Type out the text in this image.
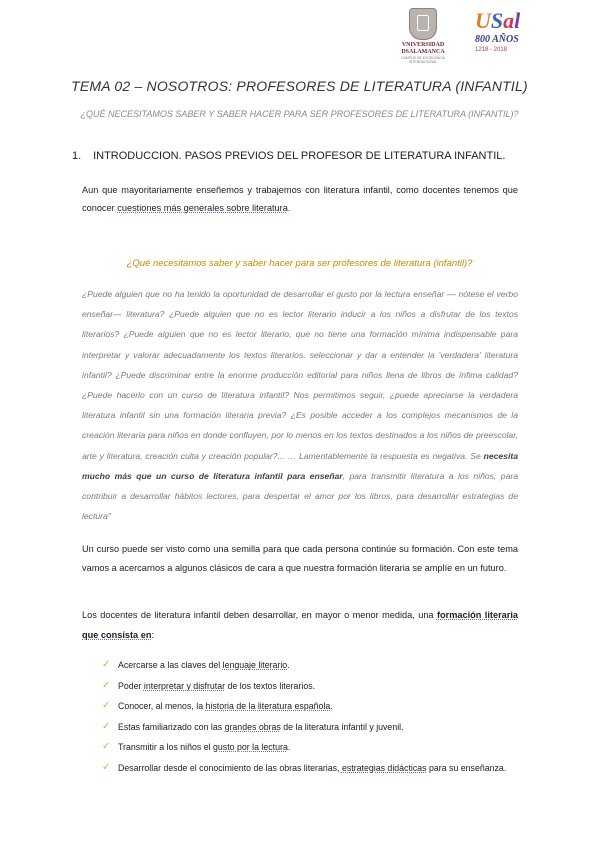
VNIVERSIDAD
DSALAMANCA
CAMPUS DE EXCELENCIA INTERNACIONAL
USal
800 AÑOS
1218 - 2018
TEMA 02 – NOSOTROS: PROFESORES DE LITERATURA (INFANTIL)
¿QUÉ NECESITAMOS SABER Y SABER HACER PARA SER PROFESORES DE LITERATURA (INFANTIL)?
1. INTRODUCCION. PASOS PREVIOS DEL PROFESOR DE LITERATURA INFANTIL.
Aun que mayoritariamente enseñemos y trabajemos con literatura infantil, como docentes tenemos que conocer cuestiones más generales sobre literatura.
¿Qué necesitamos saber y saber hacer para ser profesores de literatura (infantil)?
¿Puede alguien que no ha tenido la oportunidad de desarrollar el gusto por la lectura enseñar — nótese el verbo enseñar— literatura? ¿Puede alguien que no es lector literario inducir a los niños a disfrutar de los textos literarios? ¿Puede alguien que no es lector literario, que no tiene una formación mínima indispensable para interpretar y valorar adecuadamente los textos literarios, seleccionar y dar a entender la 'verdadera' literatura infantil? ¿Puede discriminar entre la enorme producción editorial para niños llena de libros de ínfima calidad? ¿Puede hacerlo con un curso de literatura infantil? Nos permitimos seguir, ¿puede apreciarse la verdadera literatura infantil sin una formación literaria previa? ¿Es posible acceder a los complejos mecanismos de la creación literaria para niños en donde confluyen, por lo menos en los textos destinados a los niños de preescolar, arte y literatura, creación culta y creación popular?... … Lamentablemente la respuesta es negativa. Se necesita mucho más que un curso de literatura infantil para enseñar, para transmitir literatura a los niños, para contribuir a desarrollar hábitos lectores, para despertar el amor por los libros, para desarrollar estrategias de lectura"
Un curso puede ser visto como una semilla para que cada persona continúe su formación. Con este tema vamos a acercarnos a algunos clásicos de cara a que nuestra formación literaria se amplíe en un futuro.
Los docentes de literatura infantil deben desarrollar, en mayor o menor medida, una formación literaria que consista en:
✓ Acercarse a las claves del lenguaje literario.
✓ Poder interpretar y disfrutar de los textos literarios.
✓ Conocer, al menos, la historia de la literatura española.
✓ Estas familiarizado con las grandes obras de la literatura infantil y juvenil.
✓ Transmitir a los niños el gusto por la lectura.
✓ Desarrollar desde el conocimiento de las obras literarias, estrategias didácticas para su enseñanza.
